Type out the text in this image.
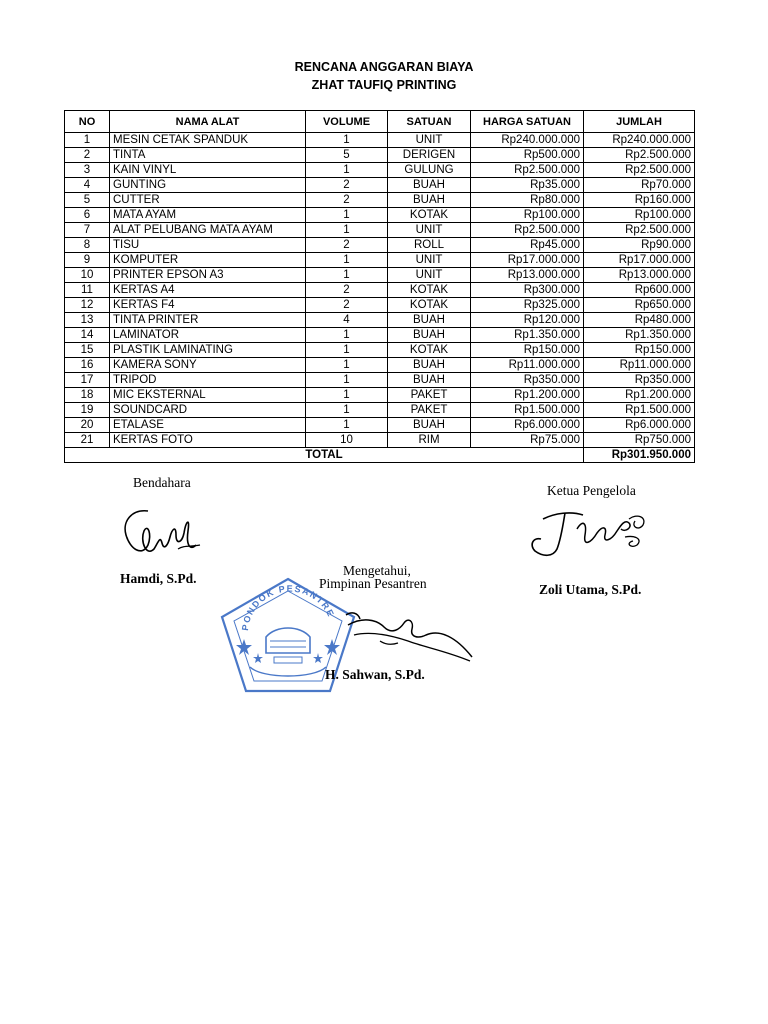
RENCANA ANGGARAN BIAYA
ZHAT TAUFIQ PRINTING
NO	NAMA ALAT	VOLUME	SATUAN	HARGA SATUAN	JUMLAH
1	MESIN CETAK SPANDUK	1	UNIT	Rp240.000.000	Rp240.000.000
2	TINTA	5	DERIGEN	Rp500.000	Rp2.500.000
3	KAIN VINYL	1	GULUNG	Rp2.500.000	Rp2.500.000
4	GUNTING	2	BUAH	Rp35.000	Rp70.000
5	CUTTER	2	BUAH	Rp80.000	Rp160.000
6	MATA AYAM	1	KOTAK	Rp100.000	Rp100.000
7	ALAT PELUBANG MATA AYAM	1	UNIT	Rp2.500.000	Rp2.500.000
8	TISU	2	ROLL	Rp45.000	Rp90.000
9	KOMPUTER	1	UNIT	Rp17.000.000	Rp17.000.000
10	PRINTER EPSON A3	1	UNIT	Rp13.000.000	Rp13.000.000
11	KERTAS A4	2	KOTAK	Rp300.000	Rp600.000
12	KERTAS F4	2	KOTAK	Rp325.000	Rp650.000
13	TINTA PRINTER	4	BUAH	Rp120.000	Rp480.000
14	LAMINATOR	1	BUAH	Rp1.350.000	Rp1.350.000
15	PLASTIK LAMINATING	1	KOTAK	Rp150.000	Rp150.000
16	KAMERA SONY	1	BUAH	Rp11.000.000	Rp11.000.000
17	TRIPOD	1	BUAH	Rp350.000	Rp350.000
18	MIC EKSTERNAL	1	PAKET	Rp1.200.000	Rp1.200.000
19	SOUNDCARD	1	PAKET	Rp1.500.000	Rp1.500.000
20	ETALASE	1	BUAH	Rp6.000.000	Rp6.000.000
21	KERTAS FOTO	10	RIM	Rp75.000	Rp750.000
TOTAL					Rp301.950.000
Bendahara
Hamdi, S.Pd.
Ketua Pengelola
Zoli Utama, S.Pd.
Mengetahui,
Pimpinan Pesantren
PONDOK PESANTREN
H. Sahwan, S.Pd.
